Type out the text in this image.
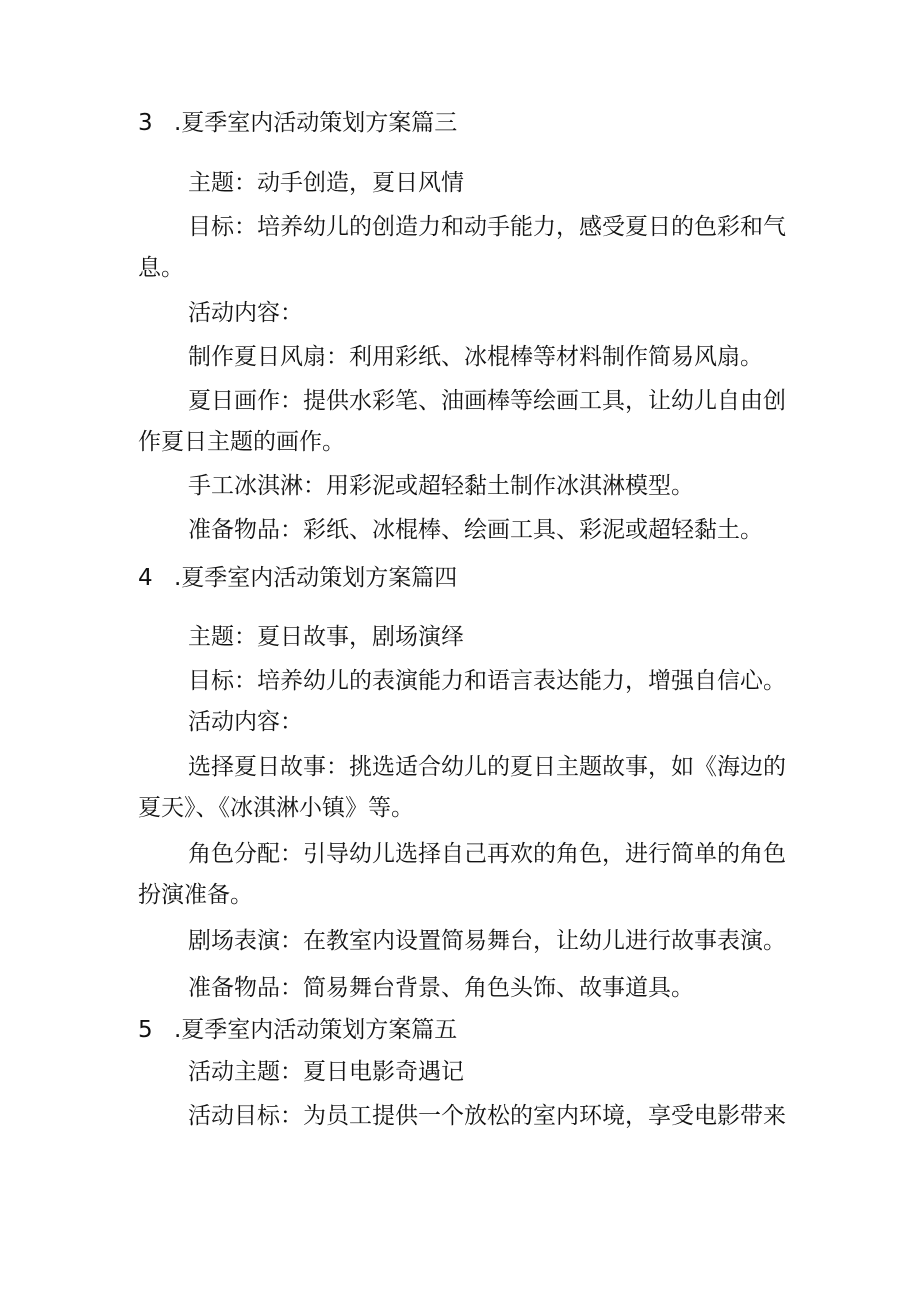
3 .夏季室内活动策划方案篇三
主题：动手创造，夏日风情
目标：培养幼儿的创造力和动手能力，感受夏日的色彩和气
息。
活动内容：
制作夏日风扇：利用彩纸、冰棍棒等材料制作简易风扇。
夏日画作：提供水彩笔、油画棒等绘画工具，让幼儿自由创
作夏日主题的画作。
手工冰淇淋：用彩泥或超轻黏土制作冰淇淋模型。
准备物品：彩纸、冰棍棒、绘画工具、彩泥或超轻黏土。
4 .夏季室内活动策划方案篇四
主题：夏日故事，剧场演绎
目标：培养幼儿的表演能力和语言表达能力，增强自信心。
活动内容：
选择夏日故事：挑选适合幼儿的夏日主题故事，如《海边的
夏天》、《冰淇淋小镇》等。
角色分配：引导幼儿选择自己再欢的角色，进行简单的角色
扮演准备。
剧场表演：在教室内设置简易舞台，让幼儿进行故事表演。
准备物品：简易舞台背景、角色头饰、故事道具。
5 .夏季室内活动策划方案篇五
活动主题：夏日电影奇遇记
活动目标：为员工提供一个放松的室内环境，享受电影带来
